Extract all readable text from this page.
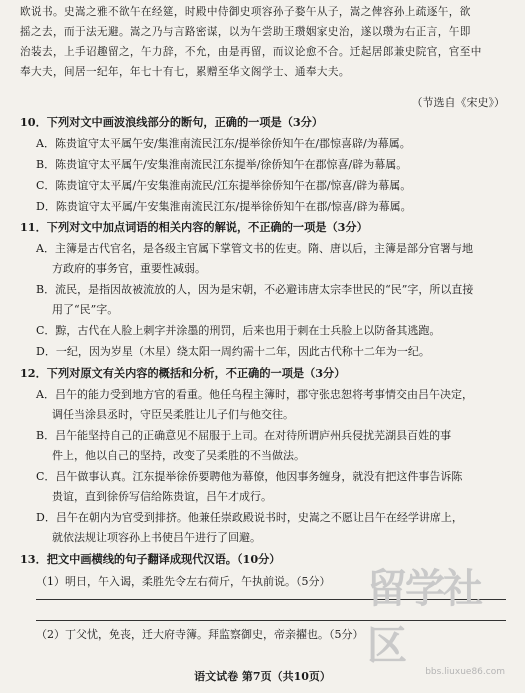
欧说书。史嵩之雅不欲午在经筵，时殿中侍御史项容孙子婺午从子，嵩之俾容孙上疏逐午，欲
摇之去，而于法无避。嵩之乃与言路密谋，以为午尝助王瓒姻家史治，遂以瓒为右正言，午即
治装去，上手诏趣留之，午力辞，不允，由是再留，而议论愈不合。迁起居郎兼史院官，官至中
奉大夫，间居一纪年，年七十有七，累赠至华文阁学士、通奉大夫。
（节选自《宋史》）
10．下列对文中画波浪线部分的断句，正确的一项是（3分）
A．陈贵谊守太平属午安/集淮南流民江东/提举徐侨知午在/郡惊喜辟/为幕属。
B．陈贵谊守太平属午/安集淮南流民江东提举/徐侨知午在郡惊喜/辟为幕属。
C．陈贵谊守太平属/午安集淮南流民/江东提举徐侨知午在郡/惊喜/辟为幕属。
D．陈贵谊守太平属/午安集淮南流民江东/提举徐侨知午在郡/惊喜/辟为幕属。
11．下列对文中加点词语的相关内容的解说，不正确的一项是（3分）
A．主簿是古代官名，是各级主官属下掌管文书的佐吏。隋、唐以后，主簿是部分官署与地
方政府的事务官，重要性减弱。
B．流民，是指因故被流放的人，因为是宋朝，不必避讳唐太宗李世民的“民”字，所以直接
用了“民”字。
C．黥，古代在人脸上刺字并涂墨的刑罚，后来也用于刺在士兵脸上以防备其逃跑。
D．一纪，因为岁星（木星）绕太阳一周约需十二年，因此古代称十二年为一纪。
12．下列对原文有关内容的概括和分析，不正确的一项是（3分）
A．吕午的能力受到地方官的看重。他任乌程主簿时，郡守张忠恕将考事情交由吕午决定，
调任当涂县丞时，守臣吴柔胜让儿子们与他交往。
B．吕午能坚持自己的正确意见不屈服于上司。在对待所谓庐州兵侵扰芜湖县百姓的事
件上，他以自己的坚持，改变了吴柔胜的不当做法。
C．吕午做事认真。江东提举徐侨要聘他为幕僚，他因事务缠身，就没有把这件事告诉陈
贵谊，直到徐侨写信给陈贵谊，吕午才成行。
D．吕午在朝内为官受到排挤。他兼任崇政殿说书时，史嵩之不愿让吕午在经学讲席上，
就依法规让项容孙上书使吕午进行了回避。
13．把文中画横线的句子翻译成现代汉语。（10分）
（1）明日，午入谒，柔胜先令左右荷斤，午执前说。（5分）
（2）丁父忧，免丧，迁大府寺簿。拜监察御史，帝亲擢也。（5分）
语文试卷 第7页（共10页）
留学社区
bbs.liuxue86.com
